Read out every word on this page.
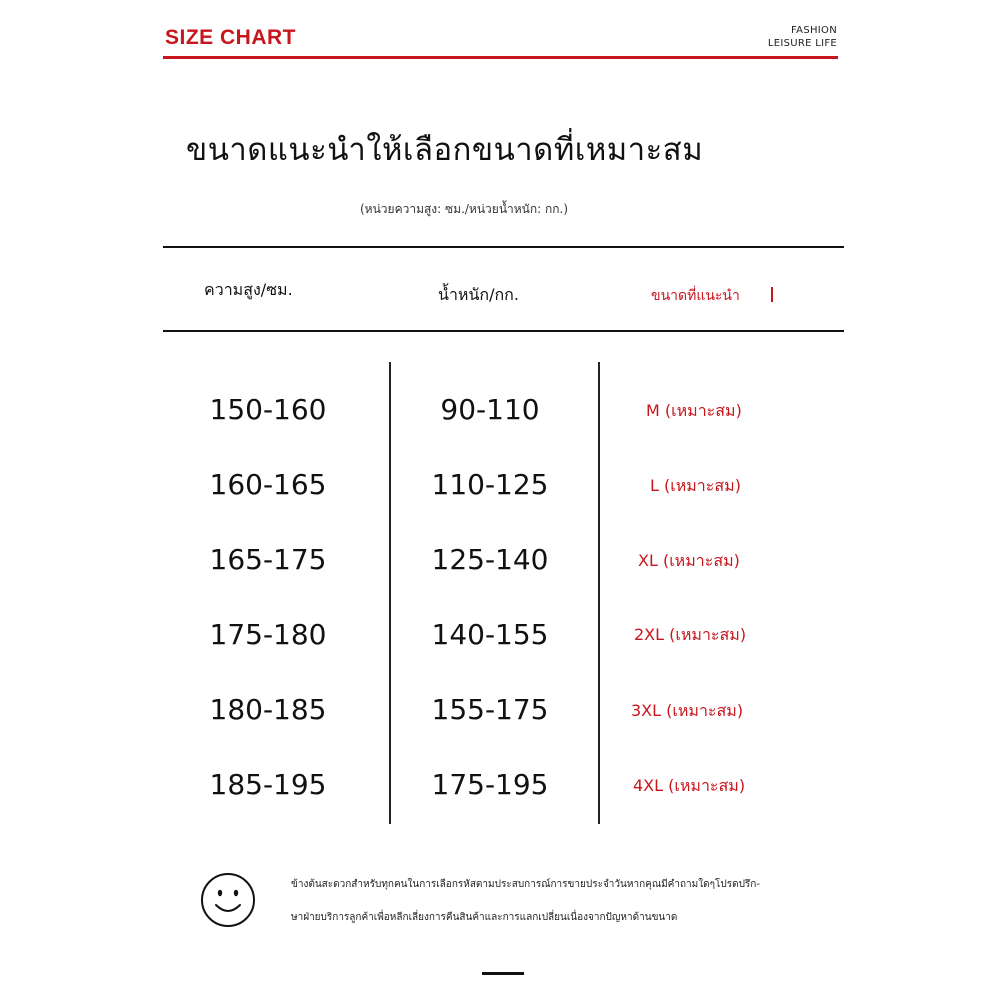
SIZE CHART	FASHION
LEISURE LIFE
ขนาดแนะนำให้เลือกขนาดที่เหมาะสม
(หน่วยความสูง: ซม./หน่วยน้ำหนัก: กก.)
ความสูง/ซม.	น้ำหนัก/กก.	ขนาดที่แนะนำ
150-160	90-110	M (เหมาะสม)
160-165	110-125	L (เหมาะสม)
165-175	125-140	XL (เหมาะสม)
175-180	140-155	2XL (เหมาะสม)
180-185	155-175	3XL (เหมาะสม)
185-195	175-195	4XL (เหมาะสม)
ข้างต้นสะดวกสำหรับทุกคนในการเลือกรหัสตามประสบการณ์การขายประจำวันหากคุณมีคำถามใดๆโปรดปรึก-
ษาฝ่ายบริการลูกค้าเพื่อหลีกเลี่ยงการคืนสินค้าและการแลกเปลี่ยนเนื่องจากปัญหาด้านขนาด
